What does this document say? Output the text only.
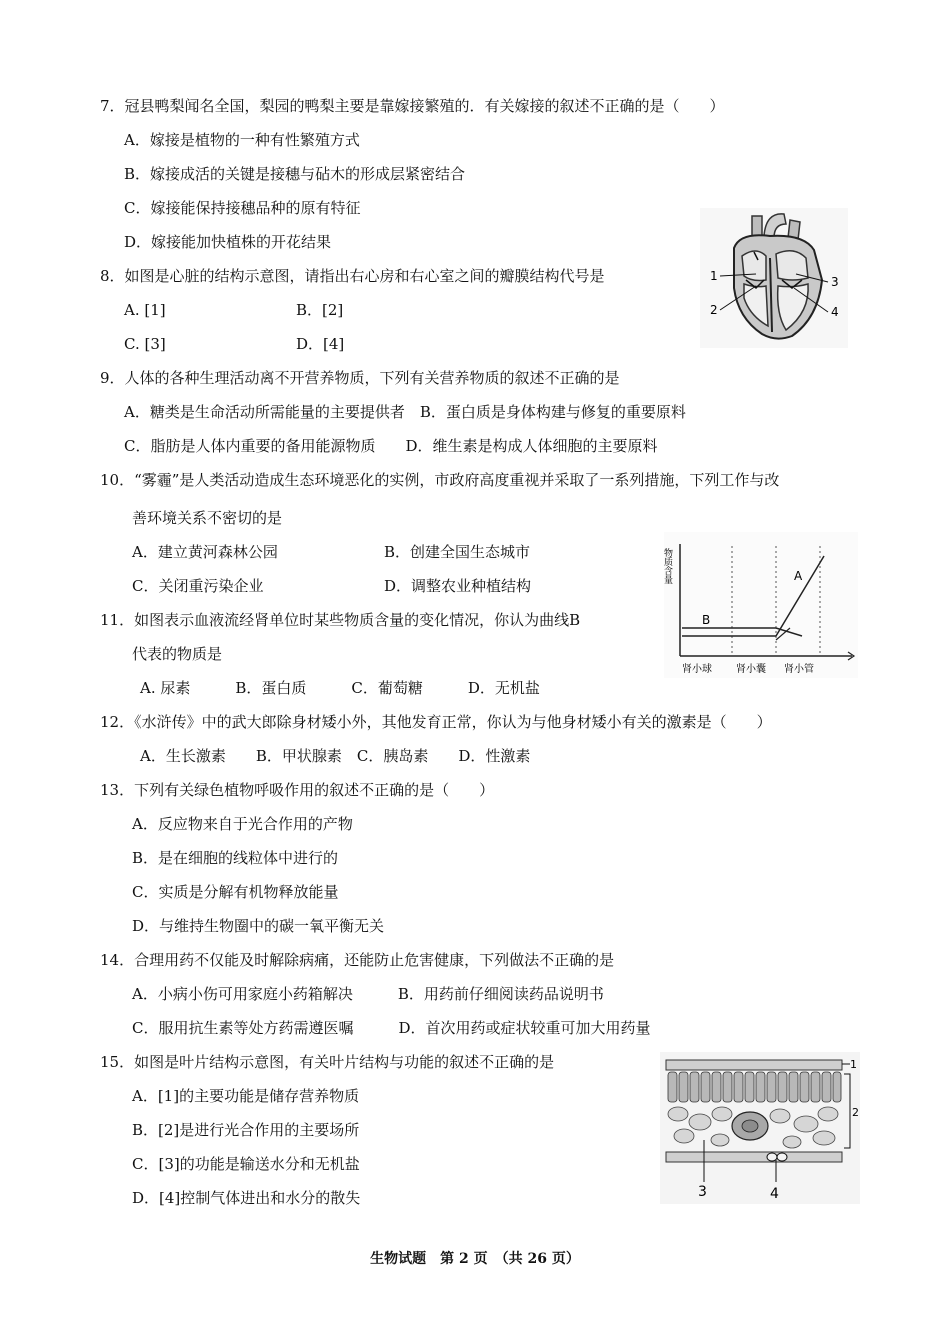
7．冠县鸭梨闻名全国，梨园的鸭梨主要是靠嫁接繁殖的．有关嫁接的叙述不正确的是（　　）
A．嫁接是植物的一种有性繁殖方式
B．嫁接成活的关键是接穗与砧木的形成层紧密结合
C．嫁接能保持接穗品种的原有特征
D．嫁接能加快植株的开花结果
8．如图是心脏的结构示意图，请指出右心房和右心室之间的瓣膜结构代号是
A. [1]	B．[2]
C. [3]	D．[4]
1
2
3
4
9．人体的各种生理活动离不开营养物质，下列有关营养物质的叙述不正确的是
A．糖类是生命活动所需能量的主要提供者　B．蛋白质是身体构建与修复的重要原料
C．脂肪是人体内重要的备用能源物质　　D．维生素是构成人体细胞的主要原料
10．“雾霾”是人类活动造成生态环境恶化的实例，市政府高度重视并采取了一系列措施，下列工作与改
善环境关系不密切的是
A．建立黄河森林公园	B．创建全国生态城市
C．关闭重污染企业	D．调整农业种植结构
11．如图表示血液流经肾单位时某些物质含量的变化情况，你认为曲线B
代表的物质是
A. 尿素　　　B．蛋白质　　　C．葡萄糖　　　D．无机盐
物质含量
B
A
肾小球 肾小囊 肾小管
12．《水浒传》中的武大郎除身材矮小外，其他发育正常，你认为与他身材矮小有关的激素是（　　）
A．生长激素　　B．甲状腺素　C．胰岛素　　D．性激素
13．下列有关绿色植物呼吸作用的叙述不正确的是（　　）
A．反应物来自于光合作用的产物
B．是在细胞的线粒体中进行的
C．实质是分解有机物释放能量
D．与维持生物圈中的碳一氧平衡无关
14．合理用药不仅能及时解除病痛，还能防止危害健康，下列做法不正确的是
A．小病小伤可用家庭小药箱解决　　　B．用药前仔细阅读药品说明书
C．服用抗生素等处方药需遵医嘱　　　D．首次用药或症状较重可加大用药量
15．如图是叶片结构示意图，有关叶片结构与功能的叙述不正确的是
A．[1]的主要功能是储存营养物质
B．[2]是进行光合作用的主要场所
C．[3]的功能是输送水分和无机盐
D．[4]控制气体进出和水分的散失
1
2
3	4
生物试题　第 2 页　（共 26 页）
